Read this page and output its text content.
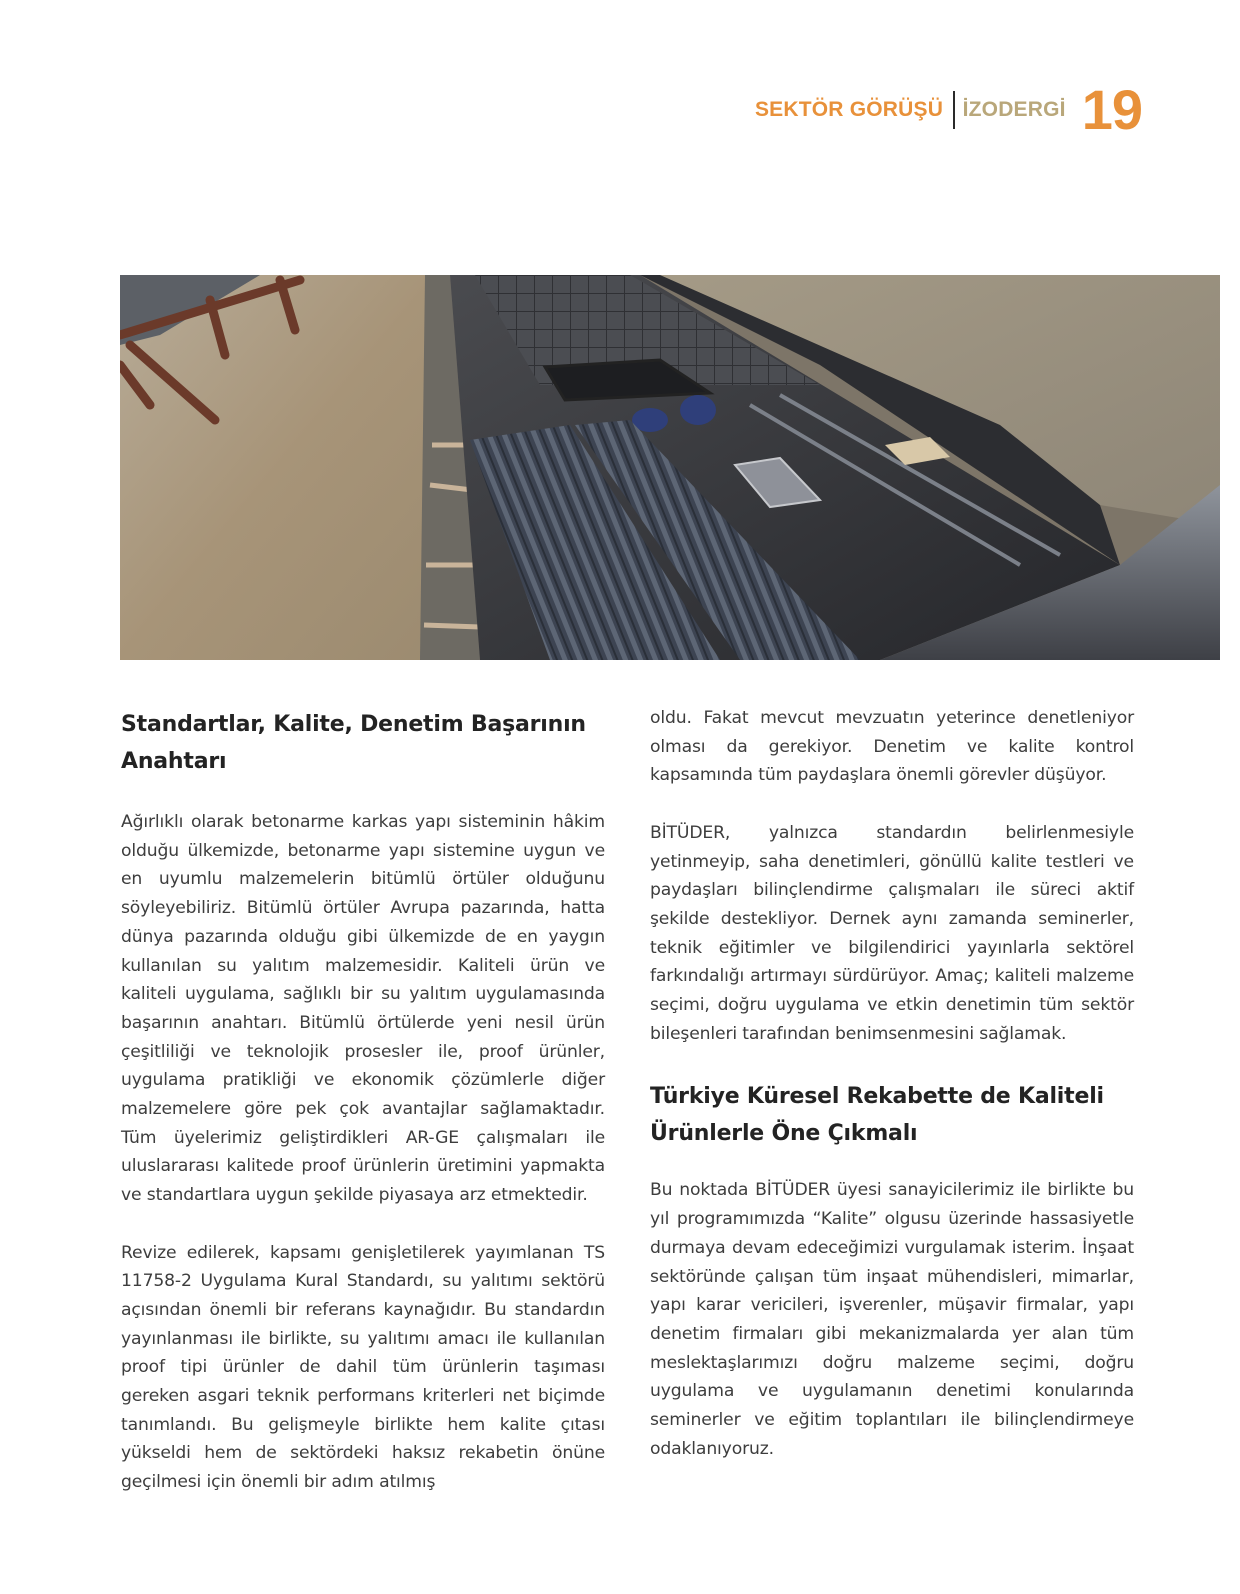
SEKTÖR GÖRÜŞÜ İZODERGİ 19
Standartlar, Kalite, Denetim Başarının Anahtarı

Ağırlıklı olarak betonarme karkas yapı sisteminin hâkim olduğu ülkemizde, betonarme yapı sistemine uygun ve en uyumlu malzemelerin bitümlü örtüler olduğunu söyleyebiliriz. Bitümlü örtüler Avrupa pazarında, hatta dünya pazarında olduğu gibi ülkemizde de en yaygın kullanılan su yalıtım malzemesidir. Kaliteli ürün ve kaliteli uygulama, sağlıklı bir su yalıtım uygulamasında başarının anahtarı. Bitümlü örtülerde yeni nesil ürün çeşitliliği ve teknolojik prosesler ile, proof ürünler, uygulama pratikliği ve ekonomik çözümlerle diğer malzemelere göre pek çok avantajlar sağlamaktadır. Tüm üyelerimiz geliştirdikleri AR-GE çalışmaları ile uluslararası kalitede proof ürünlerin üretimini yapmakta ve standartlara uygun şekilde piyasaya arz etmektedir.

Revize edilerek, kapsamı genişletilerek yayımlanan TS 11758-2 Uygulama Kural Standardı, su yalıtımı sektörü açısından önemli bir referans kaynağıdır. Bu standardın yayınlanması ile birlikte, su yalıtımı amacı ile kullanılan proof tipi ürünler de dahil tüm ürünlerin taşıması gereken asgari teknik performans kriterleri net biçimde tanımlandı. Bu gelişmeyle birlikte hem kalite çıtası yükseldi hem de sektördeki haksız rekabetin önüne geçilmesi için önemli bir adım atılmış

oldu. Fakat mevcut mevzuatın yeterince denetleniyor olması da gerekiyor. Denetim ve kalite kontrol kapsamında tüm paydaşlara önemli görevler düşüyor.

BİTÜDER, yalnızca standardın belirlenmesiyle yetinmeyip, saha denetimleri, gönüllü kalite testleri ve paydaşları bilinçlendirme çalışmaları ile süreci aktif şekilde destekliyor. Dernek aynı zamanda seminerler, teknik eğitimler ve bilgilendirici yayınlarla sektörel farkındalığı artırmayı sürdürüyor. Amaç; kaliteli malzeme seçimi, doğru uygulama ve etkin denetimin tüm sektör bileşenleri tarafından benimsenmesini sağlamak.

Türkiye Küresel Rekabette de Kaliteli Ürünlerle Öne Çıkmalı

Bu noktada BİTÜDER üyesi sanayicilerimiz ile birlikte bu yıl programımızda “Kalite” olgusu üzerinde hassasiyetle durmaya devam edeceğimizi vurgulamak isterim. İnşaat sektöründe çalışan tüm inşaat mühendisleri, mimarlar, yapı karar vericileri, işverenler, müşavir firmalar, yapı denetim firmaları gibi mekanizmalarda yer alan tüm meslektaşlarımızı doğru malzeme seçimi, doğru uygulama ve uygulamanın denetimi konularında seminerler ve eğitim toplantıları ile bilinçlendirmeye odaklanıyoruz.
